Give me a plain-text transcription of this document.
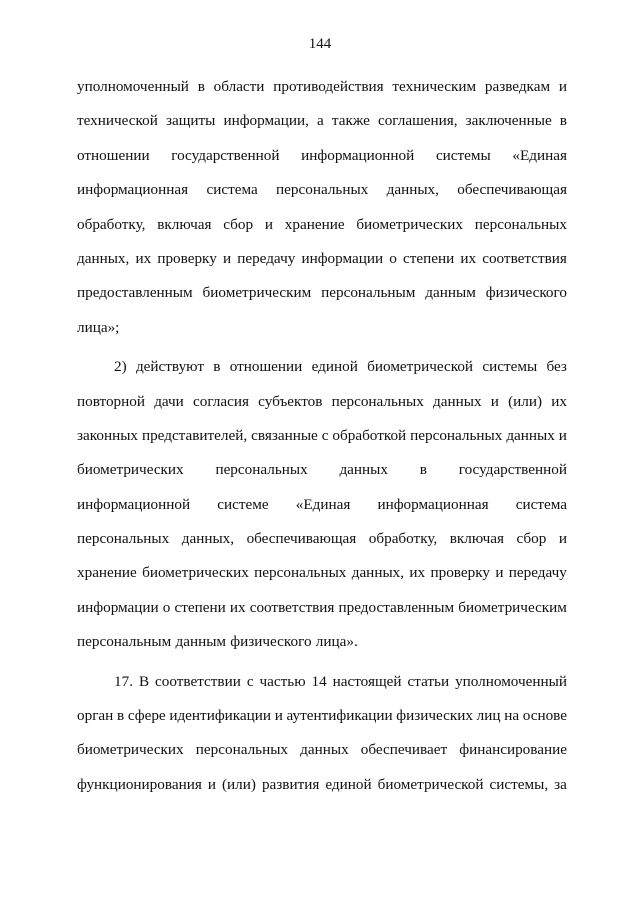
144
уполномоченный в области противодействия техническим разведкам и
технической защиты информации, а также соглашения, заключенные в
отношении государственной информационной системы «Единая
информационная система персональных данных, обеспечивающая
обработку, включая сбор и хранение биометрических персональных
данных, их проверку и передачу информации о степени их соответствия
предоставленным биометрическим персональным данным физического
лица»;
2) действуют в отношении единой биометрической системы без
повторной дачи согласия субъектов персональных данных и (или) их
законных представителей, связанные с обработкой персональных данных и
биометрических персональных данных в государственной
информационной системе «Единая информационная система
персональных данных, обеспечивающая обработку, включая сбор и
хранение биометрических персональных данных, их проверку и передачу
информации о степени их соответствия предоставленным биометрическим
персональным данным физического лица».
17. В соответствии с частью 14 настоящей статьи уполномоченный
орган в сфере идентификации и аутентификации физических лиц на основе
биометрических персональных данных обеспечивает финансирование
функционирования и (или) развития единой биометрической системы, за
